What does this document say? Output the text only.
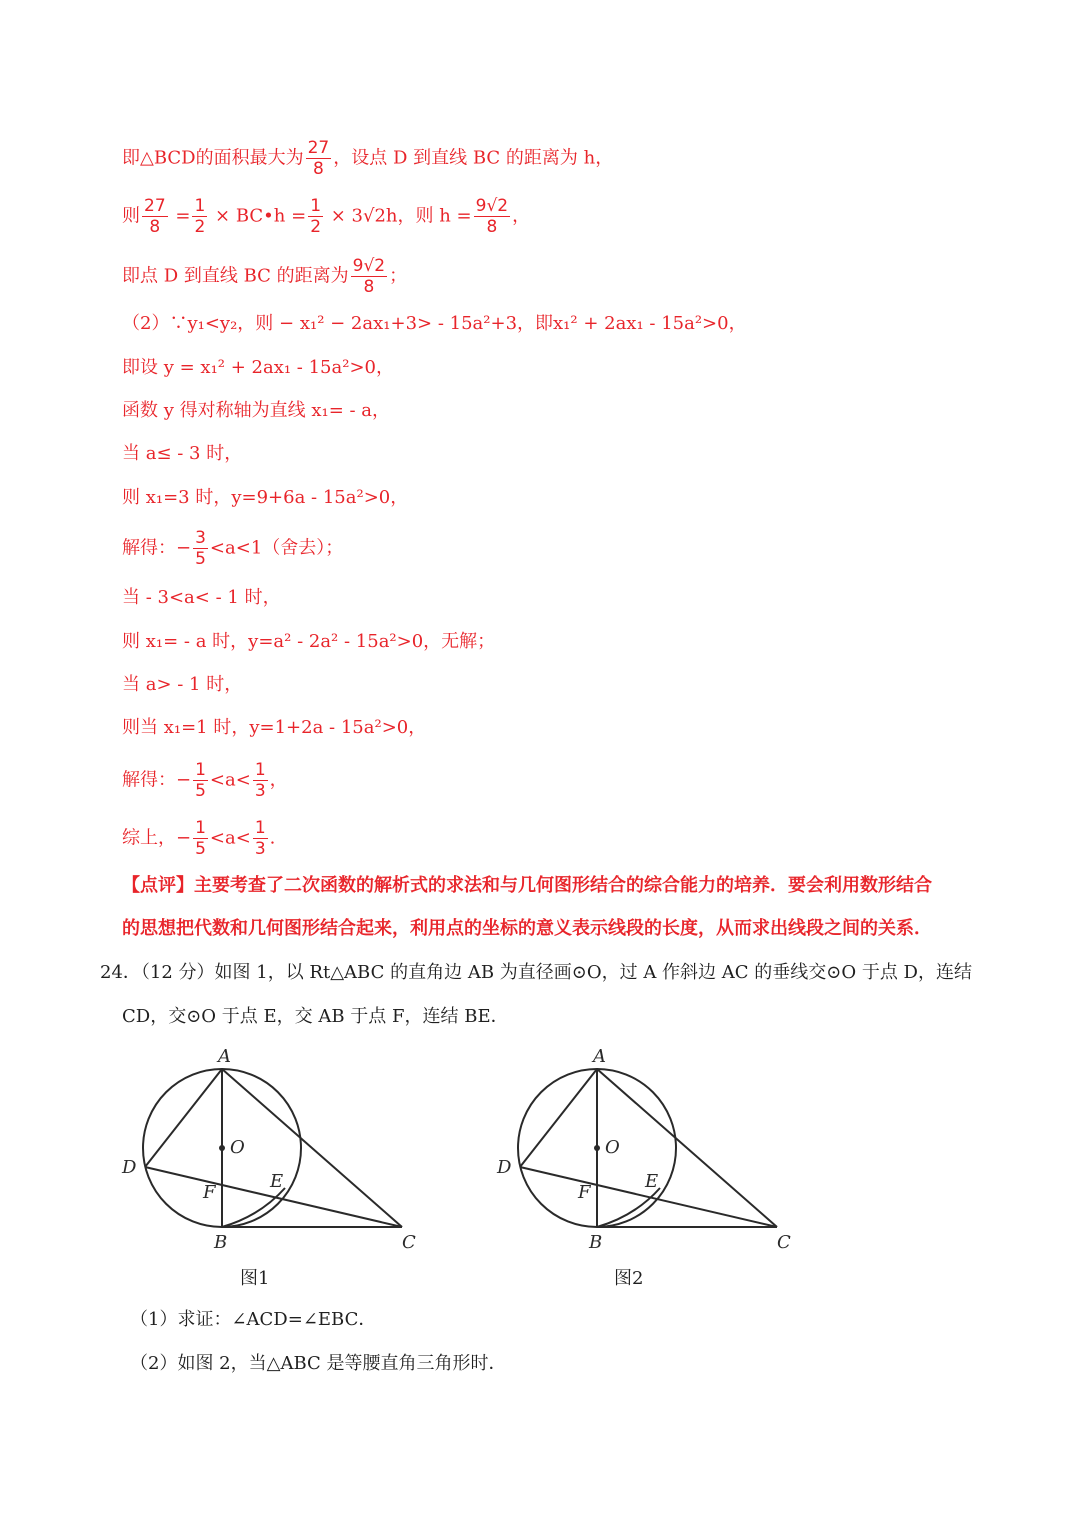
即△BCD的面积最大为 $\frac{27}{8}$ ，设点 D 到直线 BC 的距离为 h，
则 $\frac{27}{8} = \frac{1}{2}$ × BC•h = $\frac{1}{2} \times 3√2h$，则 $h = \frac{9√2}{8}$ ，
即点 D 到直线 BC 的距离为 $\frac{9√2}{8}$ ；
（2）∵y₁<y₂，则 − x₁² − 2ax₁+3> - 15a²+3，即x₁² + 2ax₁ - 15a²>0，
即设 y = x₁² + 2ax₁ - 15a²>0，
函数 y 得对称轴为直线 x₁= - a，
当 a≤ - 3 时，
则 x₁=3 时，y=9+6a - 15a²>0，
解得：− $\frac{3}{5} <a<1$（舍去）；
当 - 3<a< - 1 时，
则 x₁= - a 时，y=a² - 2a² - 15a²>0，无解；
当 a> - 1 时，
则当 x₁=1 时，y=1+2a - 15a²>0，
解得：− $\frac{1}{5} <a< \frac{1}{3}$ ，
综上，− $\frac{1}{5} <a< \frac{1}{3}$ .
【点评】主要考查了二次函数的解析式的求法和与几何图形结合的综合能力的培养．要会利用数形结合
的思想把代数和几何图形结合起来，利用点的坐标的意义表示线段的长度，从而求出线段之间的关系．
24．（12 分）如图 1，以 Rt△ABC 的直角边 AB 为直径画⊙O，过 A 作斜边 AC 的垂线交⊙O 于点 D，连结
CD，交⊙O 于点 E，交 AB 于点 F，连结 BE．
A
O
D
F
E
B	C
图1
A
O
D
F
E
B	C
图2
（1）求证：∠ACD=∠EBC．
（2）如图 2，当△ABC 是等腰直角三角形时．
